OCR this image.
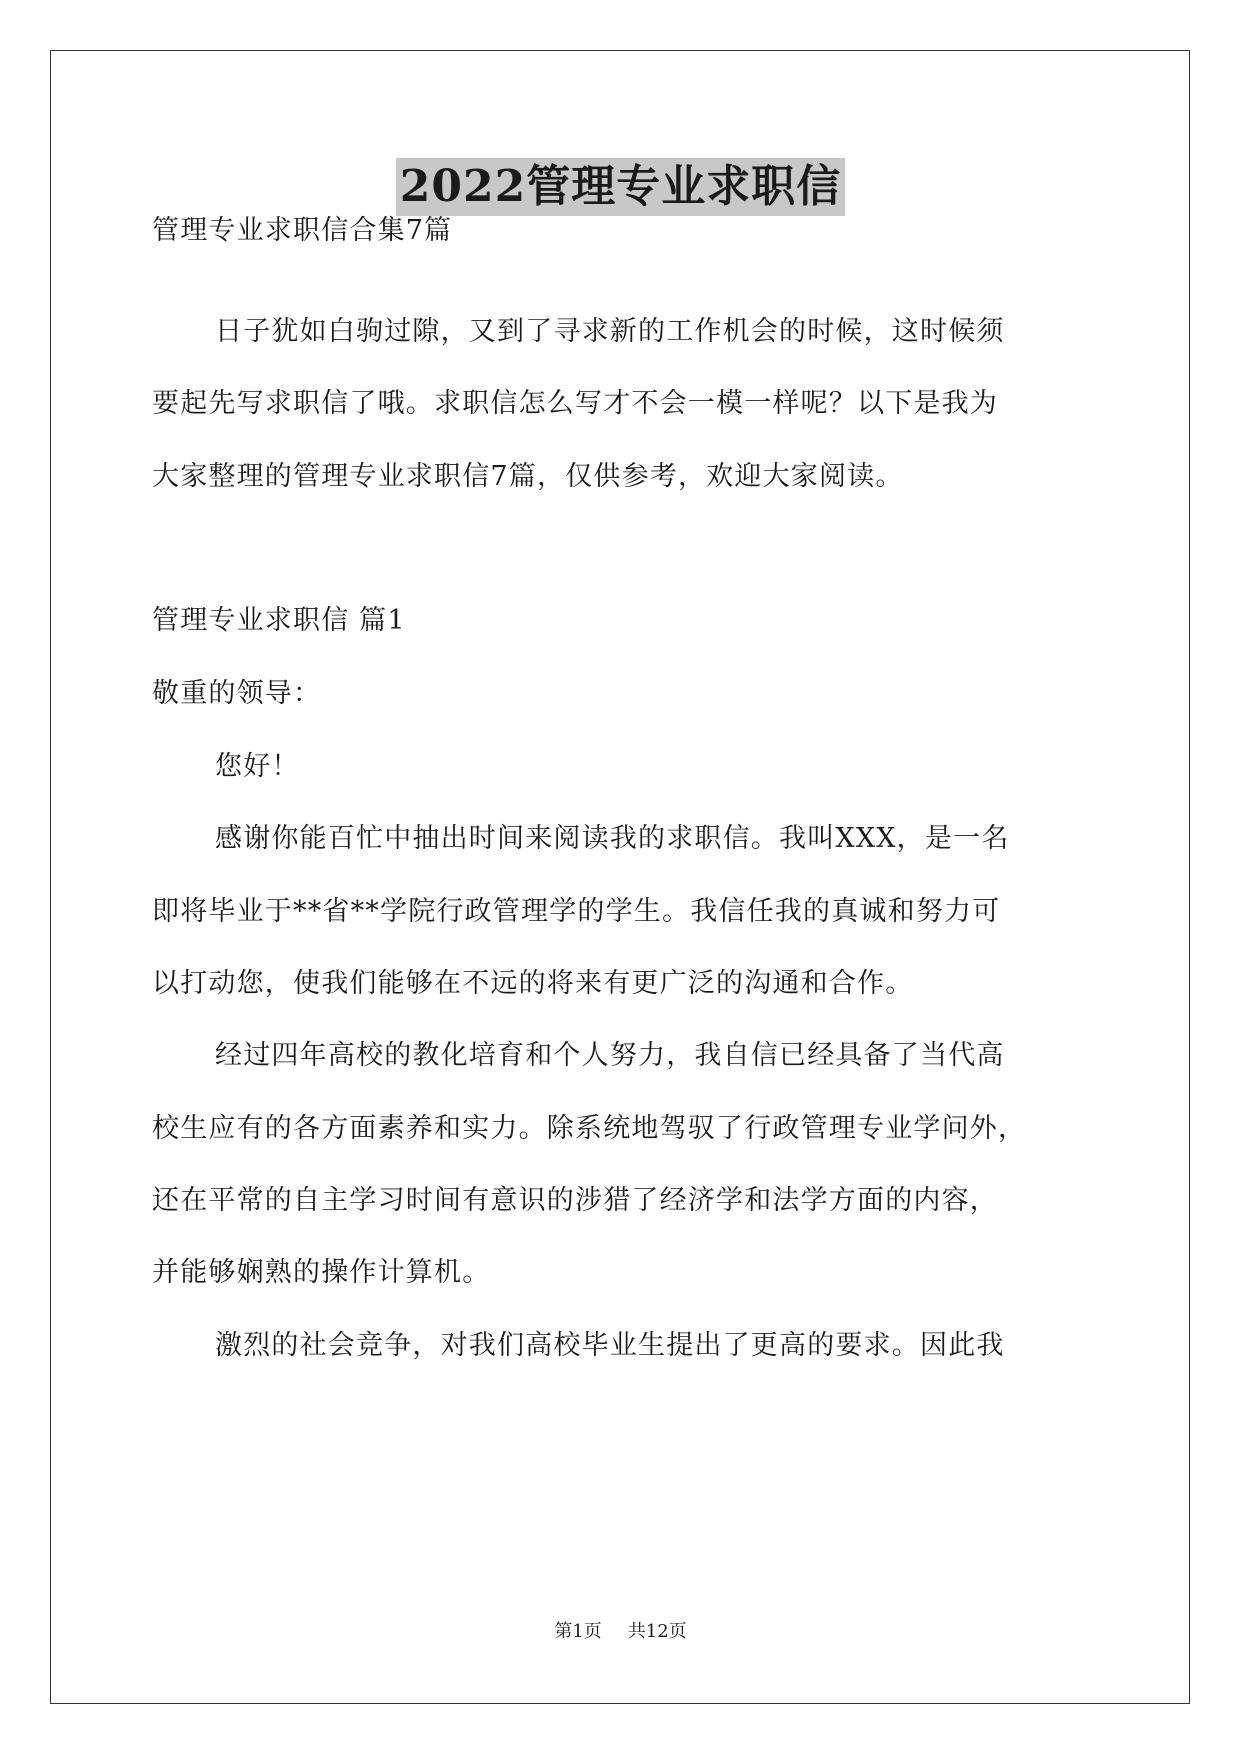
2022管理专业求职信
管理专业求职信合集7篇
日子犹如白驹过隙，又到了寻求新的工作机会的时候，这时候须
要起先写求职信了哦。求职信怎么写才不会一模一样呢？以下是我为
大家整理的管理专业求职信7篇，仅供参考，欢迎大家阅读。
管理专业求职信 篇1
敬重的领导：
您好！
感谢你能百忙中抽出时间来阅读我的求职信。我叫XXX，是一名
即将毕业于**省**学院行政管理学的学生。我信任我的真诚和努力可
以打动您，使我们能够在不远的将来有更广泛的沟通和合作。
经过四年高校的教化培育和个人努力，我自信已经具备了当代高
校生应有的各方面素养和实力。除系统地驾驭了行政管理专业学问外，
还在平常的自主学习时间有意识的涉猎了经济学和法学方面的内容，
并能够娴熟的操作计算机。
激烈的社会竞争，对我们高校毕业生提出了更高的要求。因此我
第1页 共12页
